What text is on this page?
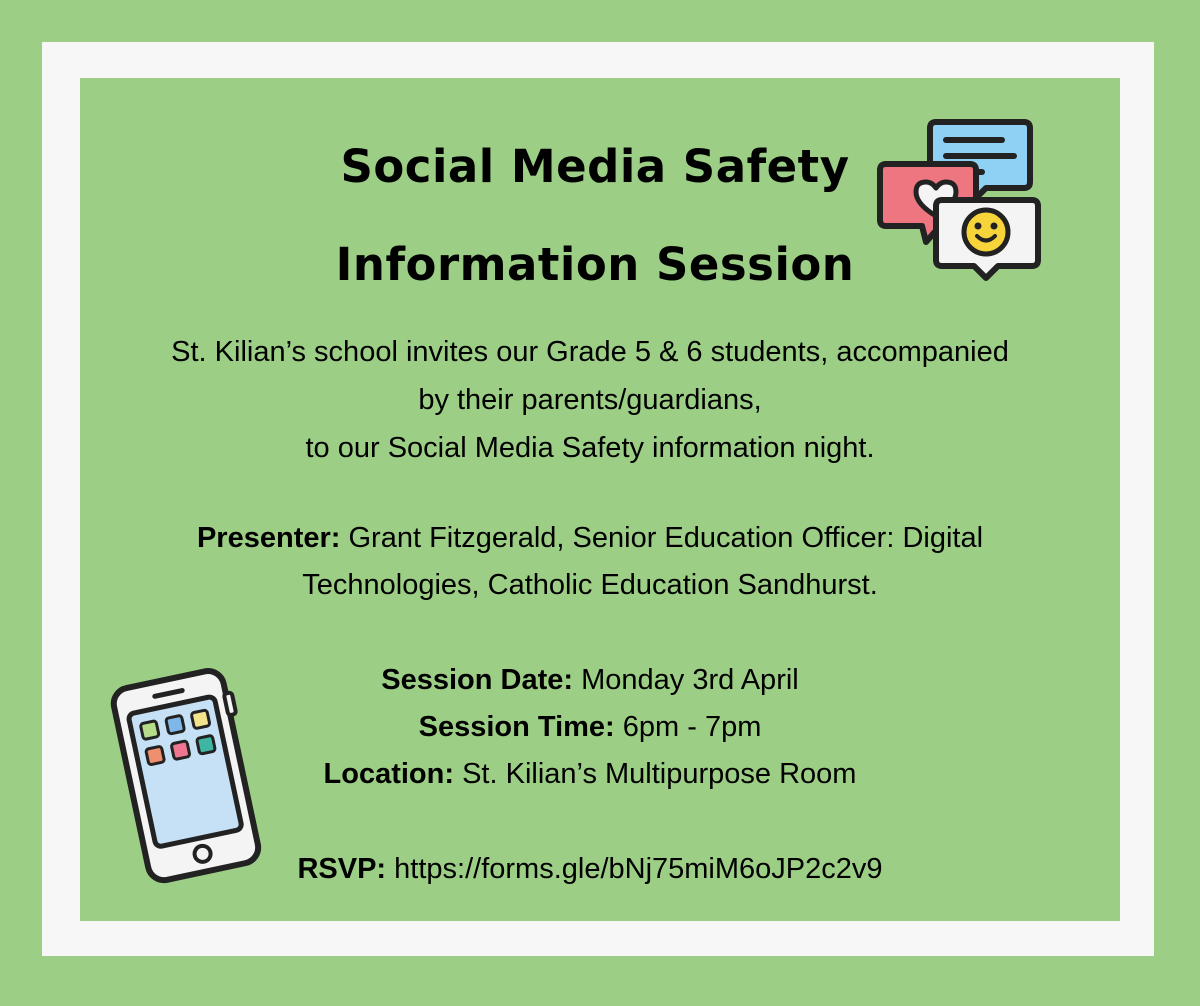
Social Media Safety
Information Session

St. Kilian’s school invites our Grade 5 & 6 students, accompanied
by their parents/guardians,
to our Social Media Safety information night.

Presenter: Grant Fitzgerald, Senior Education Officer: Digital
Technologies, Catholic Education Sandhurst.

Session Date: Monday 3rd April
Session Time: 6pm - 7pm
Location: St. Kilian’s Multipurpose Room

RSVP: https://forms.gle/bNj75miM6oJP2c2v9
